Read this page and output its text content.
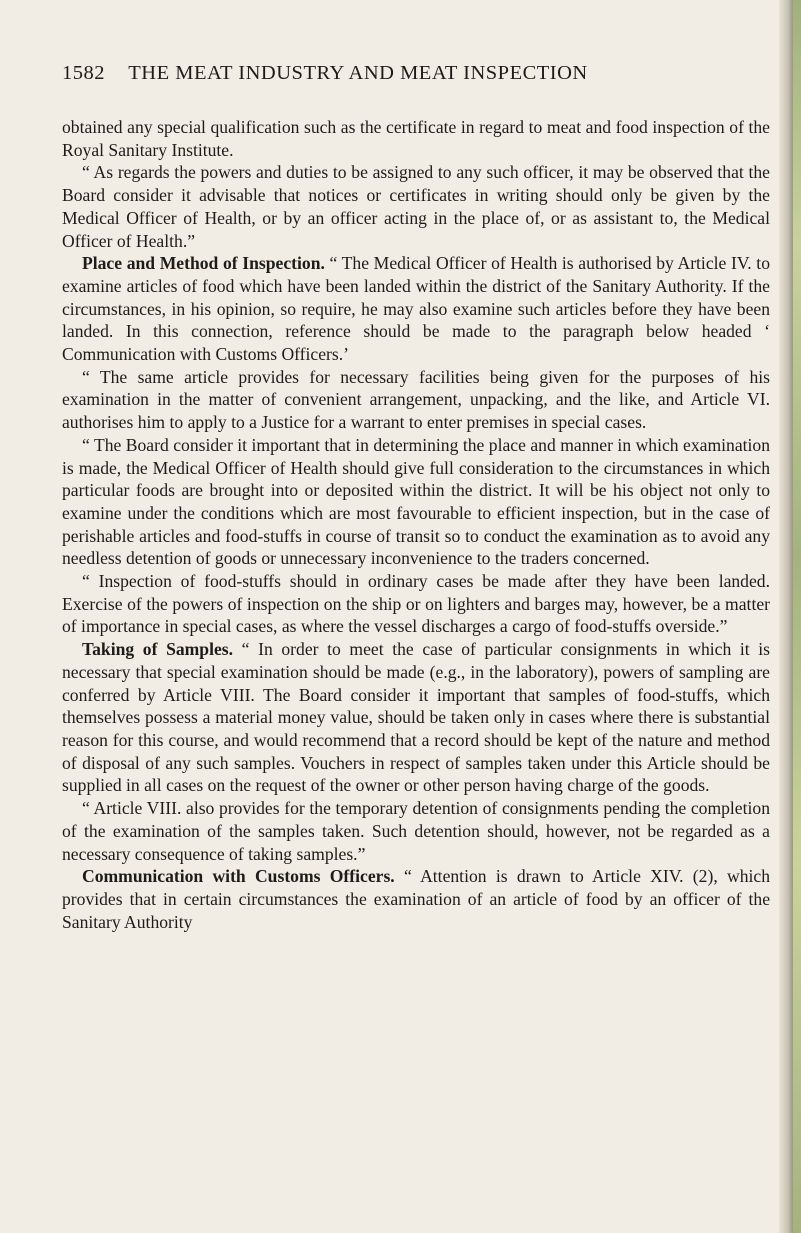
1582 THE MEAT INDUSTRY AND MEAT INSPECTION

obtained any special qualification such as the certificate in regard to meat and food inspection of the Royal Sanitary Institute.

“ As regards the powers and duties to be assigned to any such officer, it may be observed that the Board consider it advisable that notices or certificates in writing should only be given by the Medical Officer of Health, or by an officer acting in the place of, or as assistant to, the Medical Officer of Health.”

Place and Method of Inspection. “ The Medical Officer of Health is authorised by Article IV. to examine articles of food which have been landed within the district of the Sanitary Authority. If the circumstances, in his opinion, so require, he may also examine such articles before they have been landed. In this connection, reference should be made to the paragraph below headed ‘ Communication with Customs Officers.’

“ The same article provides for necessary facilities being given for the purposes of his examination in the matter of convenient arrangement, unpacking, and the like, and Article VI. authorises him to apply to a Justice for a warrant to enter premises in special cases.

“ The Board consider it important that in determining the place and manner in which examination is made, the Medical Officer of Health should give full consideration to the circumstances in which particular foods are brought into or deposited within the district. It will be his object not only to examine under the conditions which are most favourable to efficient inspection, but in the case of perishable articles and food-stuffs in course of transit so to conduct the examination as to avoid any needless detention of goods or unnecessary inconvenience to the traders concerned.

“ Inspection of food-stuffs should in ordinary cases be made after they have been landed. Exercise of the powers of inspection on the ship or on lighters and barges may, however, be a matter of importance in special cases, as where the vessel discharges a cargo of food-stuffs overside.”

Taking of Samples. “ In order to meet the case of particular consignments in which it is necessary that special examination should be made (e.g., in the laboratory), powers of sampling are conferred by Article VIII. The Board consider it important that samples of food-stuffs, which themselves possess a material money value, should be taken only in cases where there is substantial reason for this course, and would recommend that a record should be kept of the nature and method of disposal of any such samples. Vouchers in respect of samples taken under this Article should be supplied in all cases on the request of the owner or other person having charge of the goods.

“ Article VIII. also provides for the temporary detention of consignments pending the completion of the examination of the samples taken. Such detention should, however, not be regarded as a necessary consequence of taking samples.”

Communication with Customs Officers. “ Attention is drawn to Article XIV. (2), which provides that in certain circumstances the examination of an article of food by an officer of the Sanitary Authority
